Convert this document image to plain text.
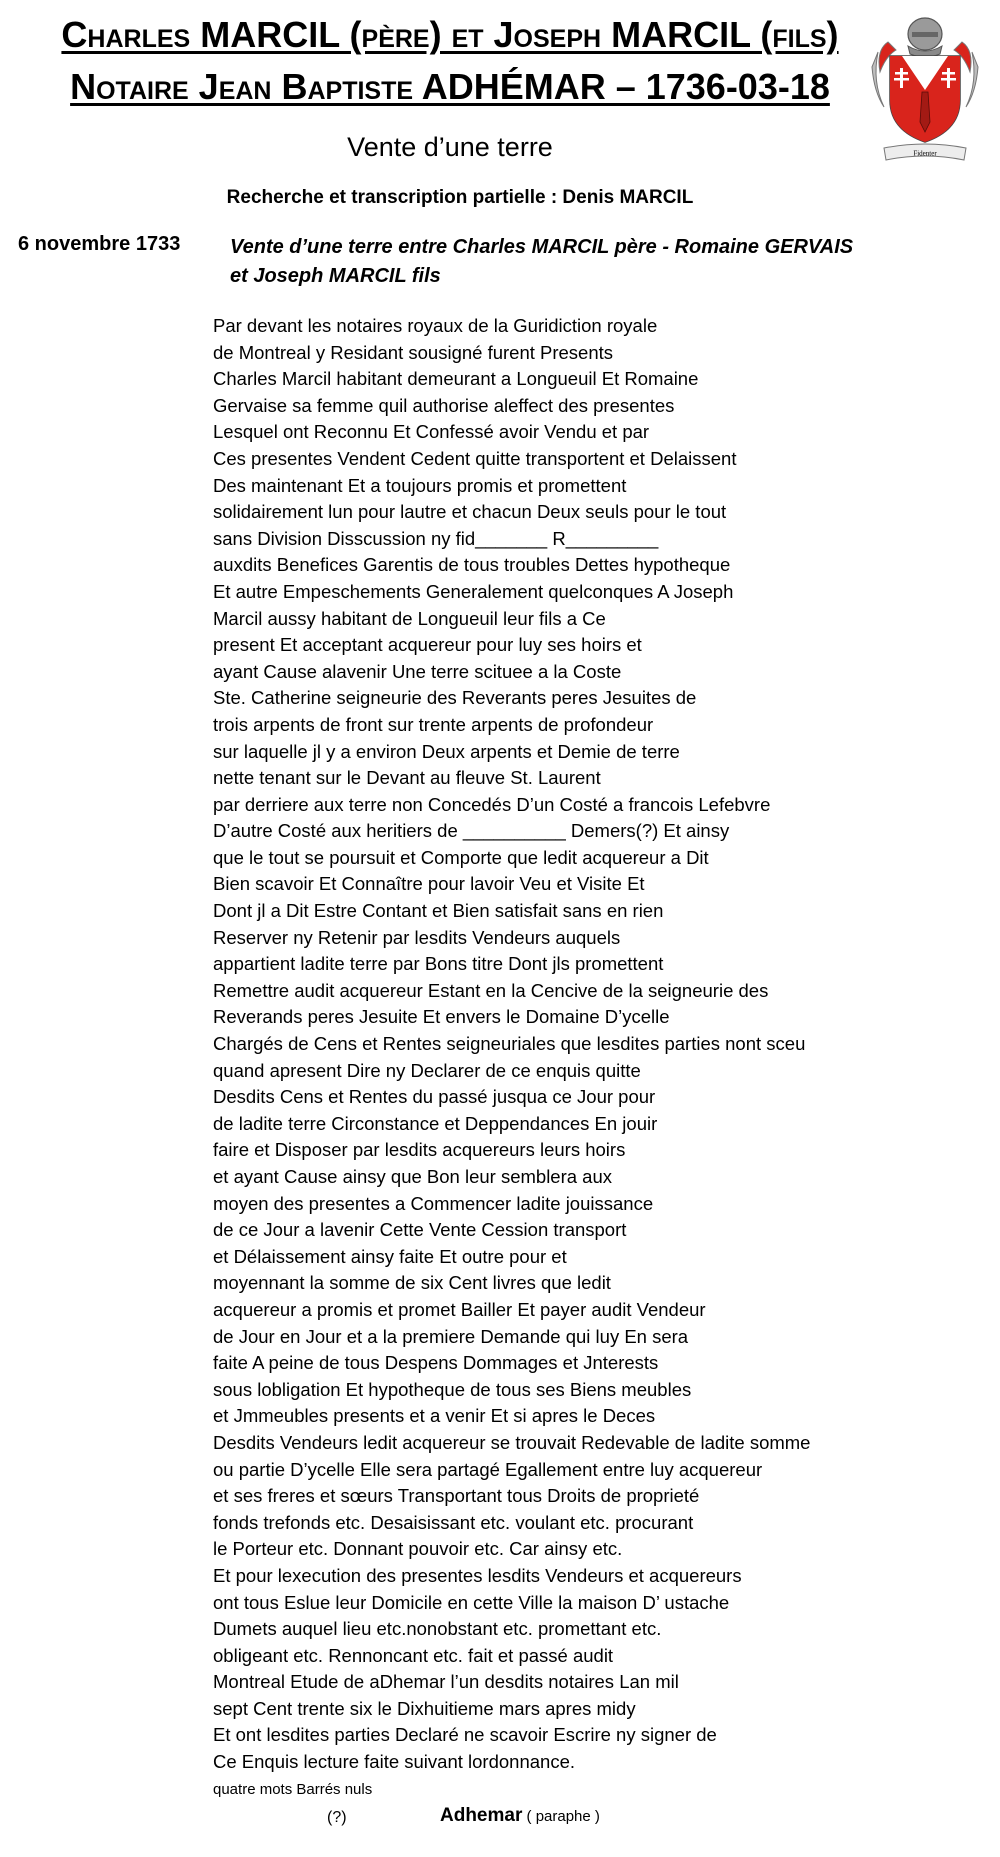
Charles MARCIL (père) et Joseph MARCIL (fils)
Notaire Jean Baptiste ADHÉMAR – 1736-03-18
Fidenter
Vente d’une terre
Recherche et transcription partielle : Denis MARCIL
6 novembre 1733 Vente d’une terre entre Charles MARCIL père - Romaine GERVAIS
et Joseph MARCIL fils
Par devant les notaires royaux de la Guridiction royale
de Montreal y Residant sousigné furent Presents
Charles Marcil habitant demeurant a Longueuil Et Romaine
Gervaise sa femme quil authorise aleffect des presentes
Lesquel ont Reconnu Et Confessé avoir Vendu et par
Ces presentes Vendent Cedent quitte transportent et Delaissent
Des maintenant Et a toujours promis et promettent
solidairement lun pour lautre et chacun Deux seuls pour le tout
sans Division Disscussion ny fid_______ R_________
auxdits Benefices Garentis de tous troubles Dettes hypotheque
Et autre Empeschements Generalement quelconques A Joseph
Marcil aussy habitant de Longueuil leur fils a Ce
present Et acceptant acquereur pour luy ses hoirs et
ayant Cause alavenir Une terre scituee a la Coste
Ste. Catherine seigneurie des Reverants peres Jesuites de
trois arpents de front sur trente arpents de profondeur
sur laquelle jl y a environ Deux arpents et Demie de terre
nette tenant sur le Devant au fleuve St. Laurent
par derriere aux terre non Concedés D’un Costé a francois Lefebvre
D’autre Costé aux heritiers de __________ Demers(?) Et ainsy
que le tout se poursuit et Comporte que ledit acquereur a Dit
Bien scavoir Et Connaître pour lavoir Veu et Visite Et
Dont jl a Dit Estre Contant et Bien satisfait sans en rien
Reserver ny Retenir par lesdits Vendeurs auquels
appartient ladite terre par Bons titre Dont jls promettent
Remettre audit acquereur Estant en la Cencive de la seigneurie des
Reverands peres Jesuite Et envers le Domaine D’ycelle
Chargés de Cens et Rentes seigneuriales que lesdites parties nont sceu
quand apresent Dire ny Declarer de ce enquis quitte
Desdits Cens et Rentes du passé jusqua ce Jour pour
de ladite terre Circonstance et Deppendances En jouir
faire et Disposer par lesdits acquereurs leurs hoirs
et ayant Cause ainsy que Bon leur semblera aux
moyen des presentes a Commencer ladite jouissance
de ce Jour a lavenir Cette Vente Cession transport
et Délaissement ainsy faite Et outre pour et
moyennant la somme de six Cent livres que ledit
acquereur a promis et promet Bailler Et payer audit Vendeur
de Jour en Jour et a la premiere Demande qui luy En sera
faite A peine de tous Despens Dommages et Jnterests
sous lobligation Et hypotheque de tous ses Biens meubles
et Jmmeubles presents et a venir Et si apres le Deces
Desdits Vendeurs ledit acquereur se trouvait Redevable de ladite somme
ou partie D’ycelle Elle sera partagé Egallement entre luy acquereur
et ses freres et sœurs Transportant tous Droits de proprieté
fonds trefonds etc. Desaisissant etc. voulant etc. procurant
le Porteur etc. Donnant pouvoir etc. Car ainsy etc.
Et pour lexecution des presentes lesdits Vendeurs et acquereurs
ont tous Eslue leur Domicile en cette Ville la maison D’ ustache
Dumets auquel lieu etc.nonobstant etc. promettant etc.
obligeant etc. Rennoncant etc. fait et passé audit
Montreal Etude de aDhemar l’un desdits notaires Lan mil
sept Cent trente six le Dixhuitieme mars apres midy
Et ont lesdites parties Declaré ne scavoir Escrire ny signer de
Ce Enquis lecture faite suivant lordonnance.
quatre mots Barrés nuls
(?)	Adhemar ( paraphe )
